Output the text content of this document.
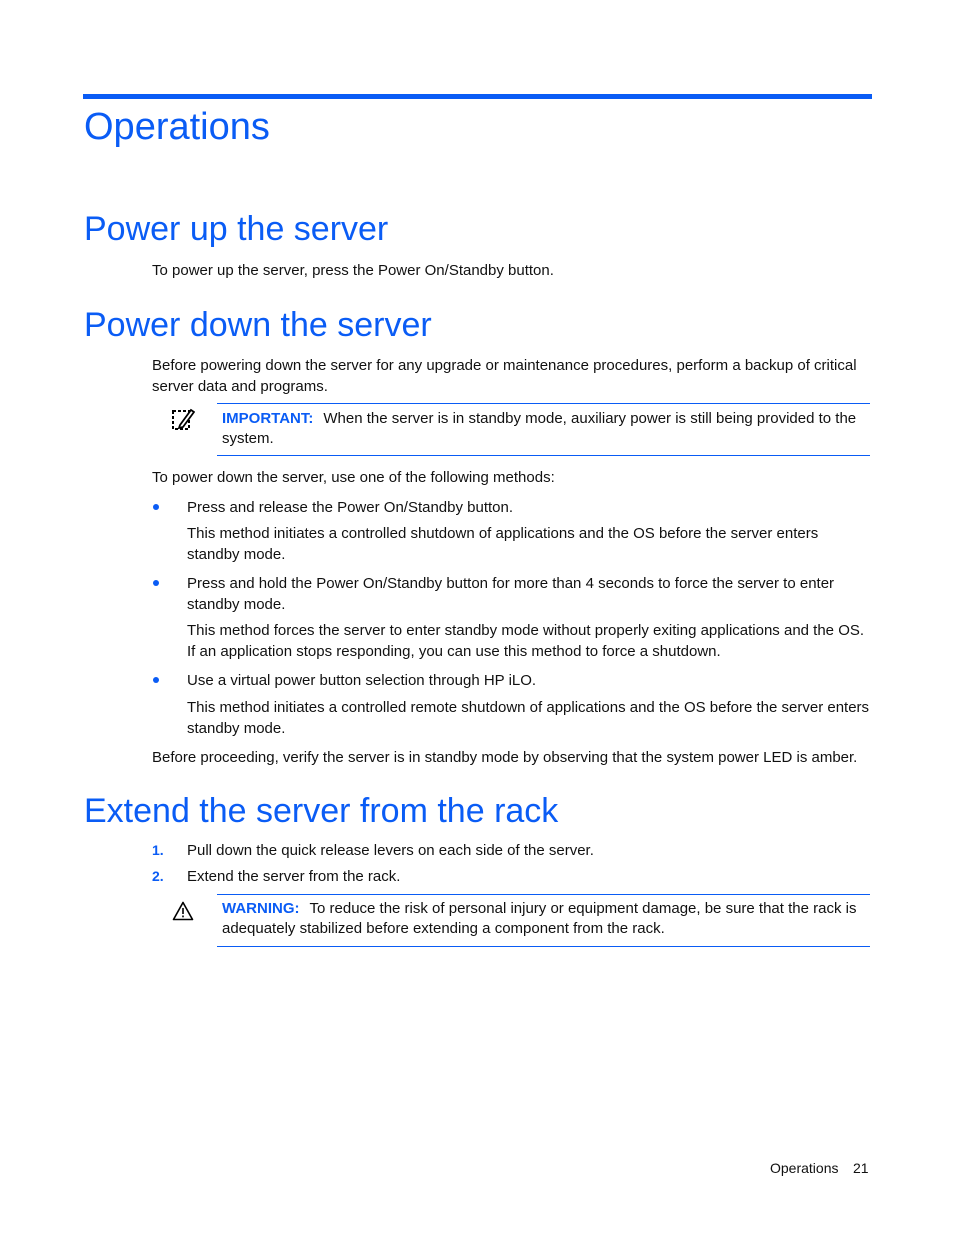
Operations
Power up the server
To power up the server, press the Power On/Standby button.
Power down the server
Before powering down the server for any upgrade or maintenance procedures, perform a backup of critical server data and programs.
IMPORTANT: When the server is in standby mode, auxiliary power is still being provided to the system.
To power down the server, use one of the following methods:
Press and release the Power On/Standby button.
This method initiates a controlled shutdown of applications and the OS before the server enters standby mode.
Press and hold the Power On/Standby button for more than 4 seconds to force the server to enter standby mode.
This method forces the server to enter standby mode without properly exiting applications and the OS. If an application stops responding, you can use this method to force a shutdown.
Use a virtual power button selection through HP iLO.
This method initiates a controlled remote shutdown of applications and the OS before the server enters standby mode.
Before proceeding, verify the server is in standby mode by observing that the system power LED is amber.
Extend the server from the rack
1. Pull down the quick release levers on each side of the server.
2. Extend the server from the rack.
WARNING: To reduce the risk of personal injury or equipment damage, be sure that the rack is adequately stabilized before extending a component from the rack.
Operations 21
